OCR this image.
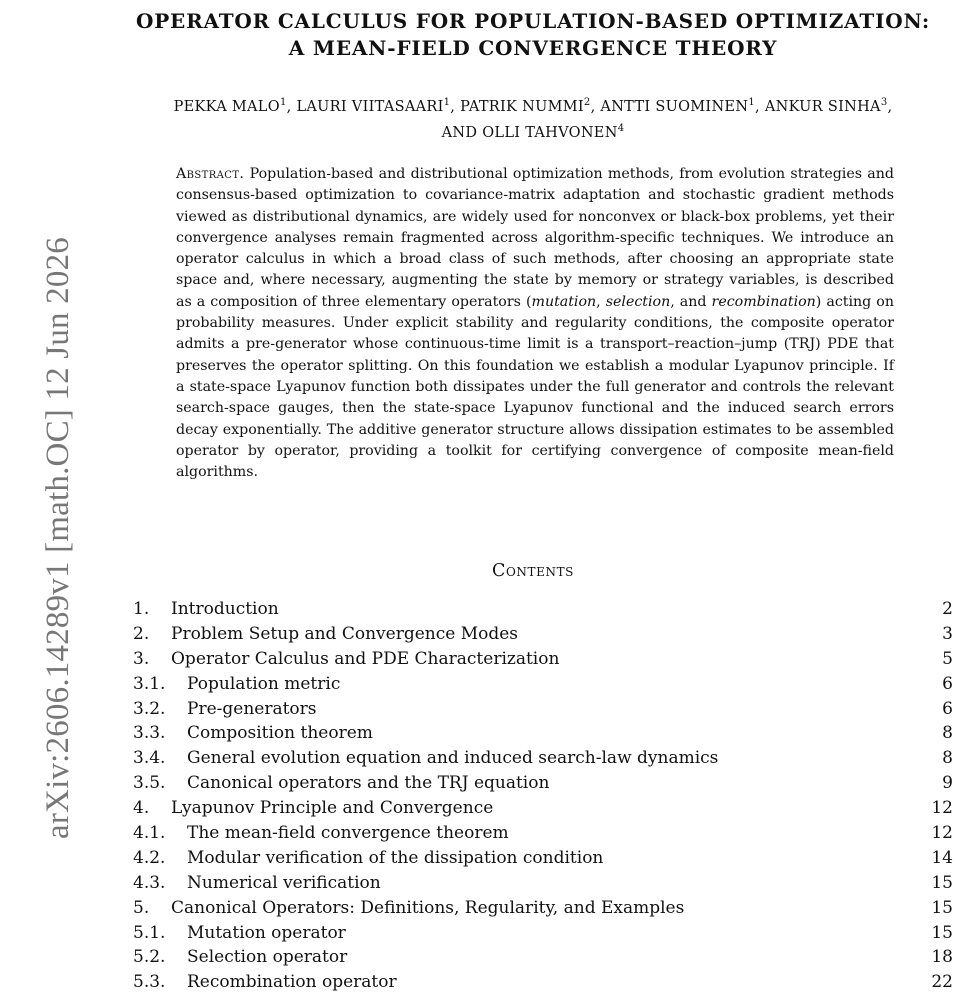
arXiv:2606.14289v1 [math.OC] 12 Jun 2026
OPERATOR CALCULUS FOR POPULATION-BASED OPTIMIZATION:
A MEAN-FIELD CONVERGENCE THEORY
PEKKA MALO$^1$, LAURI VIITASAARI$^1$, PATRIK NUMMI$^2$, ANTTI SUOMINEN$^1$, ANKUR SINHA$^3$,
AND OLLI TAHVONEN$^4$
Abstract. Population-based and distributional optimization methods, from evolution strategies and consensus-based optimization to covariance-matrix adaptation and stochastic gradient methods viewed as distributional dynamics, are widely used for nonconvex or black-box problems, yet their convergence analyses remain fragmented across algorithm-specific techniques. We introduce an operator calculus in which a broad class of such methods, after choosing an appropriate state space and, where necessary, augmenting the state by memory or strategy variables, is described as a composition of three elementary operators (mutation, selection, and recombination) acting on probability measures. Under explicit stability and regularity conditions, the composite operator admits a pre-generator whose continuous-time limit is a transport–reaction–jump (TRJ) PDE that preserves the operator splitting. On this foundation we establish a modular Lyapunov principle. If a state-space Lyapunov function both dissipates under the full generator and controls the relevant search-space gauges, then the state-space Lyapunov functional and the induced search errors decay exponentially. The additive generator structure allows dissipation estimates to be assembled operator by operator, providing a toolkit for certifying convergence of composite mean-field algorithms.
Contents
1. Introduction	2
2. Problem Setup and Convergence Modes	3
3. Operator Calculus and PDE Characterization	5
3.1. Population metric	6
3.2. Pre-generators	6
3.3. Composition theorem	8
3.4. General evolution equation and induced search-law dynamics	8
3.5. Canonical operators and the TRJ equation	9
4. Lyapunov Principle and Convergence	12
4.1. The mean-field convergence theorem	12
4.2. Modular verification of the dissipation condition	14
4.3. Numerical verification	15
5. Canonical Operators: Definitions, Regularity, and Examples	15
5.1. Mutation operator	15
5.2. Selection operator	18
5.3. Recombination operator	22
